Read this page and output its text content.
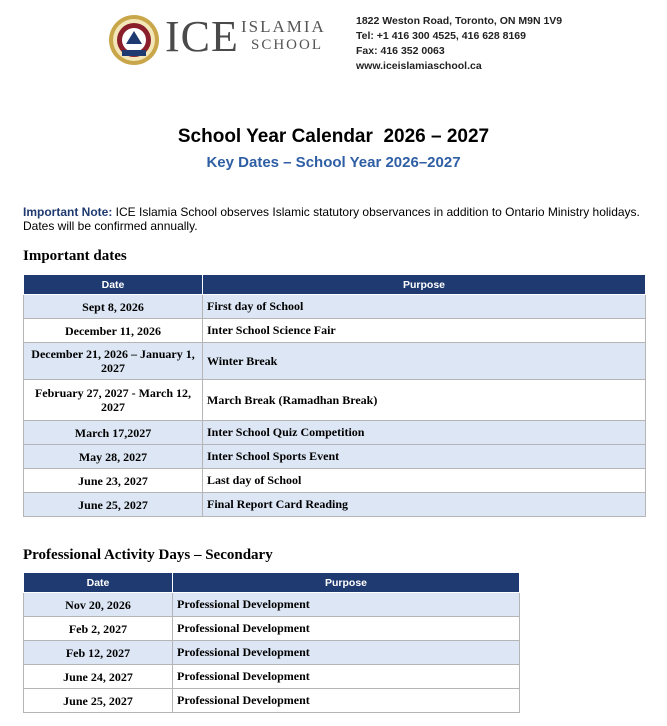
ICE ISLAMIA
SCHOOL
1822 Weston Road, Toronto, ON M9N 1V9
Tel: +1 416 300 4525, 416 628 8169
Fax: 416 352 0063
www.iceislamiaschool.ca
School Year Calendar  2026 – 2027
Key Dates – School Year 2026–2027
Important Note: ICE Islamia School observes Islamic statutory observances in addition to Ontario Ministry holidays. Dates will be confirmed annually.
Important dates
Date	Purpose
Sept 8, 2026	First day of School
December 11, 2026	Inter School Science Fair
December 21, 2026 – January 1, 2027	Winter Break
February 27, 2027 - March 12, 2027	March Break (Ramadhan Break)
March 17,2027	Inter School Quiz Competition
May 28, 2027	Inter School Sports Event
June 23, 2027	Last day of School
June 25, 2027	Final Report Card Reading
Professional Activity Days – Secondary
Date	Purpose
Nov 20, 2026	Professional Development
Feb 2, 2027	Professional Development
Feb 12, 2027	Professional Development
June 24, 2027	Professional Development
June 25, 2027	Professional Development
